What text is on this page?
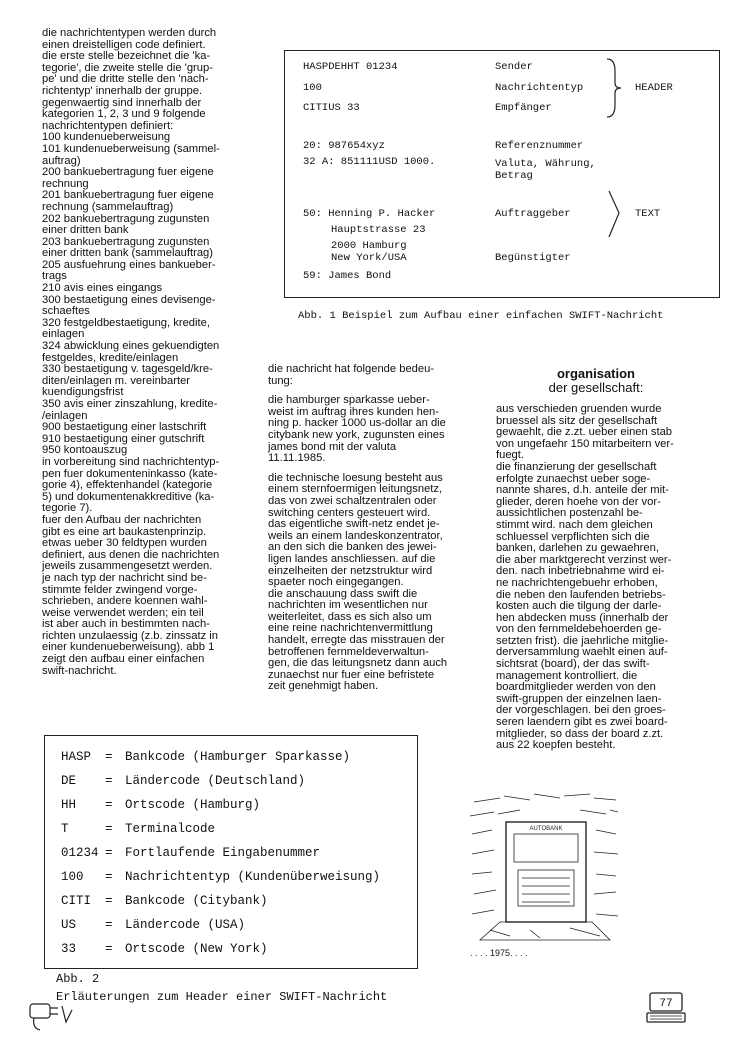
die nachrichtentypen werden durch

einen dreistelligen code definiert.

die erste stelle bezeichnet die 'ka-

tegorie', die zweite stelle die 'grup-

pe' und die dritte stelle den 'nach-

richtentyp' innerhalb der gruppe.

gegenwaertig sind innerhalb der

kategorien 1, 2, 3 und 9 folgende

nachrichtentypen definiert:

100 kundenueberweisung

101 kundenueberweisung (sammel-

auftrag)

200 bankuebertragung fuer eigene

rechnung

201 bankuebertragung fuer eigene

rechnung (sammelauftrag)

202 bankuebertragung zugunsten

einer dritten bank

203 bankuebertragung zugunsten

einer dritten bank (sammelauftrag)

205 ausfuehrung eines bankueber-

trags

210 avis eines eingangs

300 bestaetigung eines devisenge-

schaeftes

320 festgeldbestaetigung, kredite,

einlagen

324 abwicklung eines gekuendigten

festgeldes, kredite/einlagen

330 bestaetigung v. tagesgeld/kre-

diten/einlagen m. vereinbarter

kuendigungsfrist

350 avis einer zinszahlung, kredite-

/einlagen

900 bestaetigung einer lastschrift

910 bestaetigung einer gutschrift

950 kontoauszug

in vorbereitung sind nachrichtentyp-

pen fuer dokumenteninkasso (kate-

gorie 4), effektenhandel (kategorie

5) und dokumentenakkreditive (ka-

tegorie 7).

fuer den Aufbau der nachrichten

gibt es eine art baukastenprinzip.

etwas ueber 30 feldtypen wurden

definiert, aus denen die nachrichten

jeweils zusammengesetzt werden.

je nach typ der nachricht sind be-

stimmte felder zwingend vorge-

schrieben, andere koennen wahl-

weise verwendet werden; ein teil

ist aber auch in bestimmten nach-

richten unzulaessig (z.b. zinssatz in

einer kundenueberweisung). abb 1

zeigt den aufbau einer einfachen

swift-nachricht.

die nachricht hat folgende bedeu-

tung:

die hamburger sparkasse ueber-

weist im auftrag ihres kunden hen-

ning p. hacker 1000 us-dollar an die

citybank new york, zugunsten eines

james bond mit der valuta

11.11.1985.

die technische loesung besteht aus

einem sternfoermigen leitungsnetz,

das von zwei schaltzentralen oder

switching centers gesteuert wird.

das eigentliche swift-netz endet je-

weils an einem landeskonzentrator,

an den sich die banken des jewei-

ligen landes anschliessen. auf die

einzelheiten der netzstruktur wird

spaeter noch eingegangen.

die anschauung dass swift die

nachrichten im wesentlichen nur

weiterleitet, dass es sich also um

eine reine nachrichtenvermittlung

handelt, erregte das misstrauen der

betroffenen fernmeldeverwaltun-

gen, die das leitungsnetz dann auch

zunaechst nur fuer eine befristete

zeit genehmigt haben.

organisation
der gesellschaft:

aus verschieden gruenden wurde

bruessel als sitz der gesellschaft

gewaehlt, die z.zt. ueber einen stab

von ungefaehr 150 mitarbeitern ver-

fuegt.

die finanzierung der gesellschaft

erfolgte zunaechst ueber soge-

nannte shares, d.h. anteile der mit-

glieder, deren hoehe von der vor-

aussichtlichen postenzahl be-

stimmt wird. nach dem gleichen

schluessel verpflichten sich die

banken, darlehen zu gewaehren,

die aber marktgerecht verzinst wer-

den. nach inbetriebnahme wird ei-

ne nachrichtengebuehr erhoben,

die neben den laufenden betriebs-

kosten auch die tilgung der darle-

hen abdecken muss (innerhalb der

von den fernmeldebehoerden ge-

setzten frist). die jaehrliche mitglie-

derversammlung waehlt einen auf-

sichtsrat (board), der das swift-

management kontrolliert. die

boardmitglieder werden von den

swift-gruppen der einzelnen laen-

der vorgeschlagen. bei den groes-

seren laendern gibt es zwei board-

mitglieder, so dass der board z.zt.

aus 22 koepfen besteht.

HASPDEHHT 01234
100
CITIUS 33
20: 987654xyz
32 A: 851111USD 1000.
50: Henning P. Hacker
Hauptstrasse 23
2000 Hamburg
New York/USA
59: James Bond
Sender
Nachrichtentyp
Empfänger
Referenznummer
Valuta, Währung,
Betrag
Auftraggeber
Begünstigter
HEADER
TEXT
Abb. 1 Beispiel zum Aufbau einer einfachen SWIFT-Nachricht
HASP = Bankcode (Hamburger Sparkasse)
DE = Ländercode (Deutschland)
HH = Ortscode (Hamburg)
T	= Terminalcode
01234 = Fortlaufende Eingabenummer
100 = Nachrichtentyp (Kundenüberweisung)
CITI = Bankcode (Citybank)
US = Ländercode (USA)
33 = Ortscode (New York)
Abb. 2
Erläuterungen zum Header einer SWIFT-Nachricht
AUTOBANK
. . . . 1975. . . .
77
